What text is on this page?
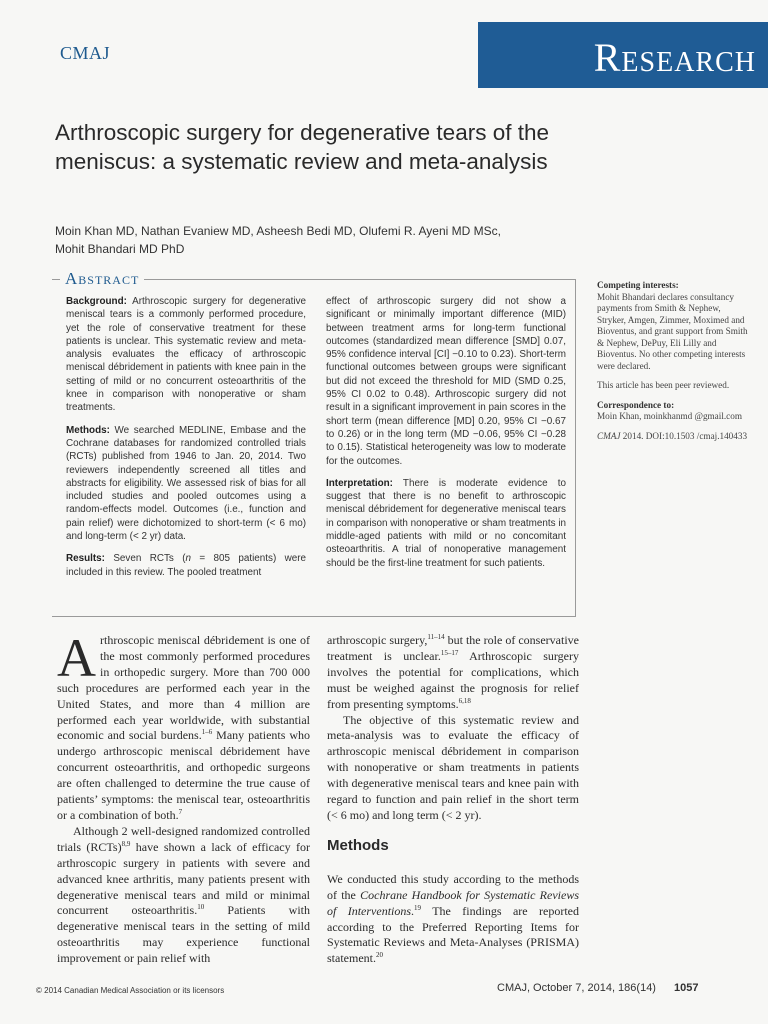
CMAJ	Research
Arthroscopic surgery for degenerative tears of the meniscus: a systematic review and meta-analysis
Moin Khan MD, Nathan Evaniew MD, Asheesh Bedi MD, Olufemi R. Ayeni MD MSc,
Mohit Bhandari MD PhD
Abstract

Background: Arthroscopic surgery for degenerative meniscal tears is a commonly performed procedure, yet the role of conservative treatment for these patients is unclear. This systematic review and meta-analysis evaluates the efficacy of arthroscopic meniscal débridement in patients with knee pain in the setting of mild or no concurrent osteoarthritis of the knee in comparison with nonoperative or sham treatments.

Methods: We searched MEDLINE, Embase and the Cochrane databases for randomized controlled trials (RCTs) published from 1946 to Jan. 20, 2014. Two reviewers independently screened all titles and abstracts for eligibility. We assessed risk of bias for all included studies and pooled outcomes using a random-effects model. Outcomes (i.e., function and pain relief) were dichotomized to short-term (< 6 mo) and long-term (< 2 yr) data.

Results: Seven RCTs (n = 805 patients) were included in this review. The pooled treatment

effect of arthroscopic surgery did not show a significant or minimally important difference (MID) between treatment arms for long-term functional outcomes (standardized mean difference [SMD] 0.07, 95% confidence interval [CI] −0.10 to 0.23). Short-term functional outcomes between groups were significant but did not exceed the threshold for MID (SMD 0.25, 95% CI 0.02 to 0.48). Arthroscopic surgery did not result in a significant improvement in pain scores in the short term (mean difference [MD] 0.20, 95% CI −0.67 to 0.26) or in the long term (MD −0.06, 95% CI −0.28 to 0.15). Statistical heterogeneity was low to moderate for the outcomes.

Interpretation: There is moderate evidence to suggest that there is no benefit to arthroscopic meniscal débridement for degenerative meniscal tears in comparison with nonoperative or sham treatments in middle-aged patients with mild or no concomitant osteoarthritis. A trial of nonoperative management should be the first-line treatment for such patients.

Competing interests:
Mohit Bhandari declares consultancy payments from Smith & Nephew, Stryker, Amgen, Zimmer, Moximed and Bioventus, and grant support from Smith & Nephew, DePuy, Eli Lilly and Bioventus. No other competing interests were declared.

This article has been peer reviewed.

Correspondence to:
Moin Khan, moinkhanmd @gmail.com

CMAJ 2014. DOI:10.1503 /cmaj.140433

Arthroscopic meniscal débridement is one of the most commonly performed procedures in orthopedic surgery. More than 700 000 such procedures are performed each year in the United States, and more than 4 million are performed each year worldwide, with substantial economic and social burdens.$^{1-6}$ Many patients who undergo arthroscopic meniscal débridement have concurrent osteoarthritis, and orthopedic surgeons are often challenged to determine the true cause of patients’ symptoms: the meniscal tear, osteoarthritis or a combination of both.$^7$

Although 2 well-designed randomized controlled trials (RCTs)$^{8,9}$ have shown a lack of efficacy for arthroscopic surgery in patients with severe and advanced knee arthritis, many patients present with degenerative meniscal tears and mild or minimal concurrent osteoarthritis.$^{10}$ Patients with degenerative meniscal tears in the setting of mild osteoarthritis may experience functional improvement or pain relief with

arthroscopic surgery,$^{11-14}$ but the role of conservative treatment is unclear.$^{15-17}$ Arthroscopic surgery involves the potential for complications, which must be weighed against the prognosis for relief from presenting symptoms.$^{6,18}$

The objective of this systematic review and meta-analysis was to evaluate the efficacy of arthroscopic meniscal débridement in comparison with nonoperative or sham treatments in patients with degenerative meniscal tears and knee pain with regard to function and pain relief in the short term (< 6 mo) and long term (< 2 yr).

Methods

We conducted this study according to the methods of the Cochrane Handbook for Systematic Reviews of Interventions.$^{19}$ The findings are reported according to the Preferred Reporting Items for Systematic Reviews and Meta-Analyses (PRISMA) statement.$^{20}$

© 2014 Canadian Medical Association or its licensors	CMAJ, October 7, 2014, 186(14) 1057
